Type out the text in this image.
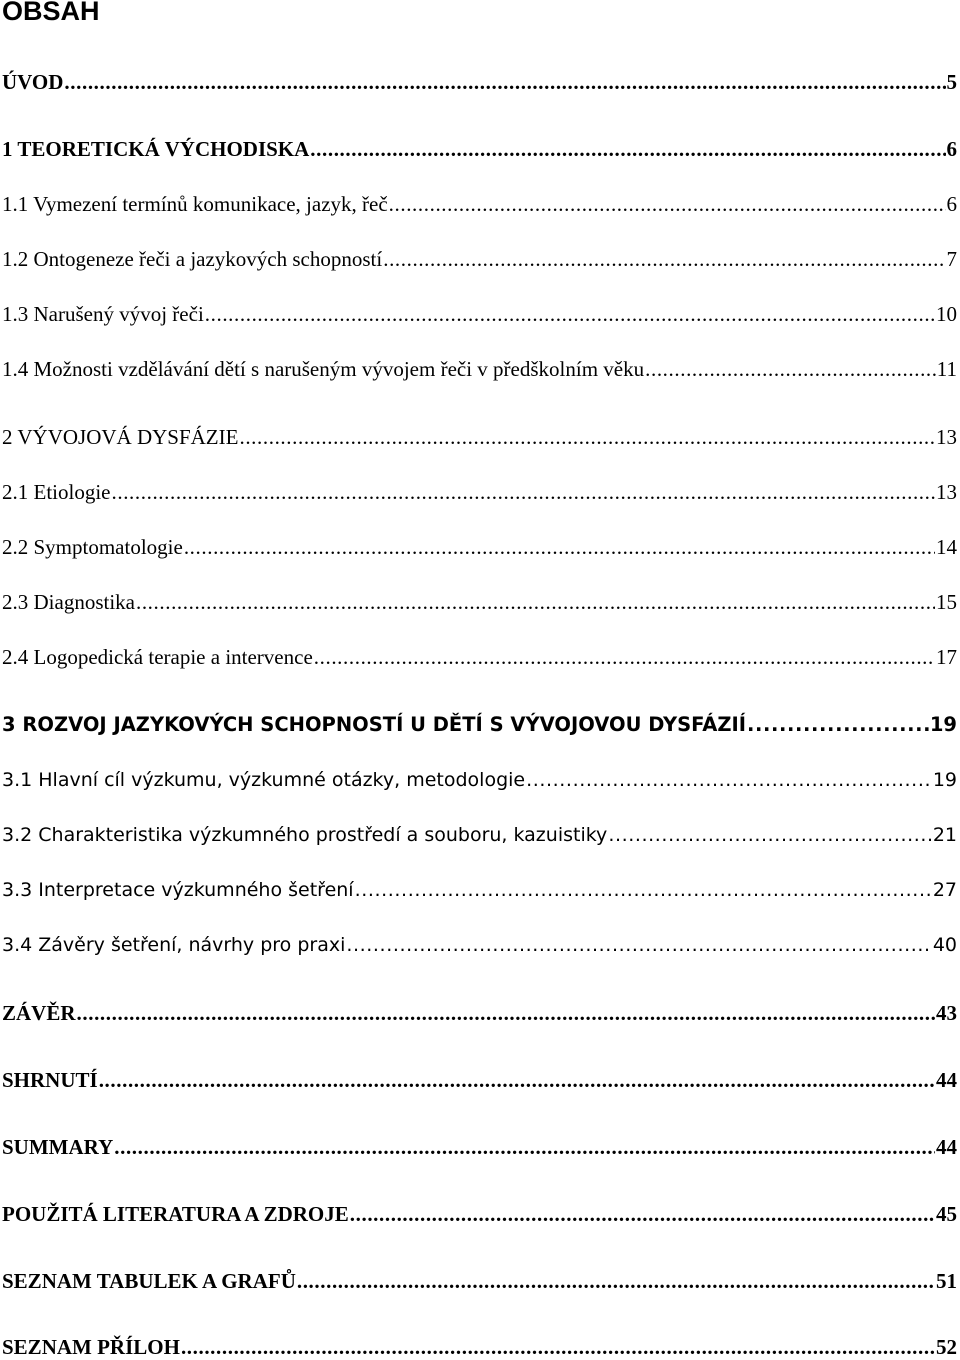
OBSAH
ÚVOD .....	5
1 TEORETICKÁ VÝCHODISKA .....	6
1.1 Vymezení termínů komunikace, jazyk, řeč .....	6
1.2 Ontogeneze řeči a jazykových schopností .....	7
1.3 Narušený vývoj řeči .....	10
1.4 Možnosti vzdělávání dětí s narušeným vývojem řeči v předškolním věku .....	11
2 VÝVOJOVÁ DYSFÁZIE .....	13
2.1 Etiologie .....	13
2.2 Symptomatologie .....	14
2.3 Diagnostika .....	15
2.4 Logopedická terapie a intervence .....	17
3 ROZVOJ JAZYKOVÝCH SCHOPNOSTÍ U DĚTÍ S VÝVOJOVOU DYSFÁZIÍ .....	19
3.1 Hlavní cíl výzkumu, výzkumné otázky, metodologie .....	19
3.2 Charakteristika výzkumného prostředí a souboru, kazuistiky .....	21
3.3 Interpretace výzkumného šetření .....	27
3.4 Závěry šetření, návrhy pro praxi .....	40
ZÁVĚR .....	43
SHRNUTÍ .....	44
SUMMARY .....	44
POUŽITÁ LITERATURA A ZDROJE .....	45
SEZNAM TABULEK A GRAFŮ .....	51
SEZNAM PŘÍLOH .....	52
